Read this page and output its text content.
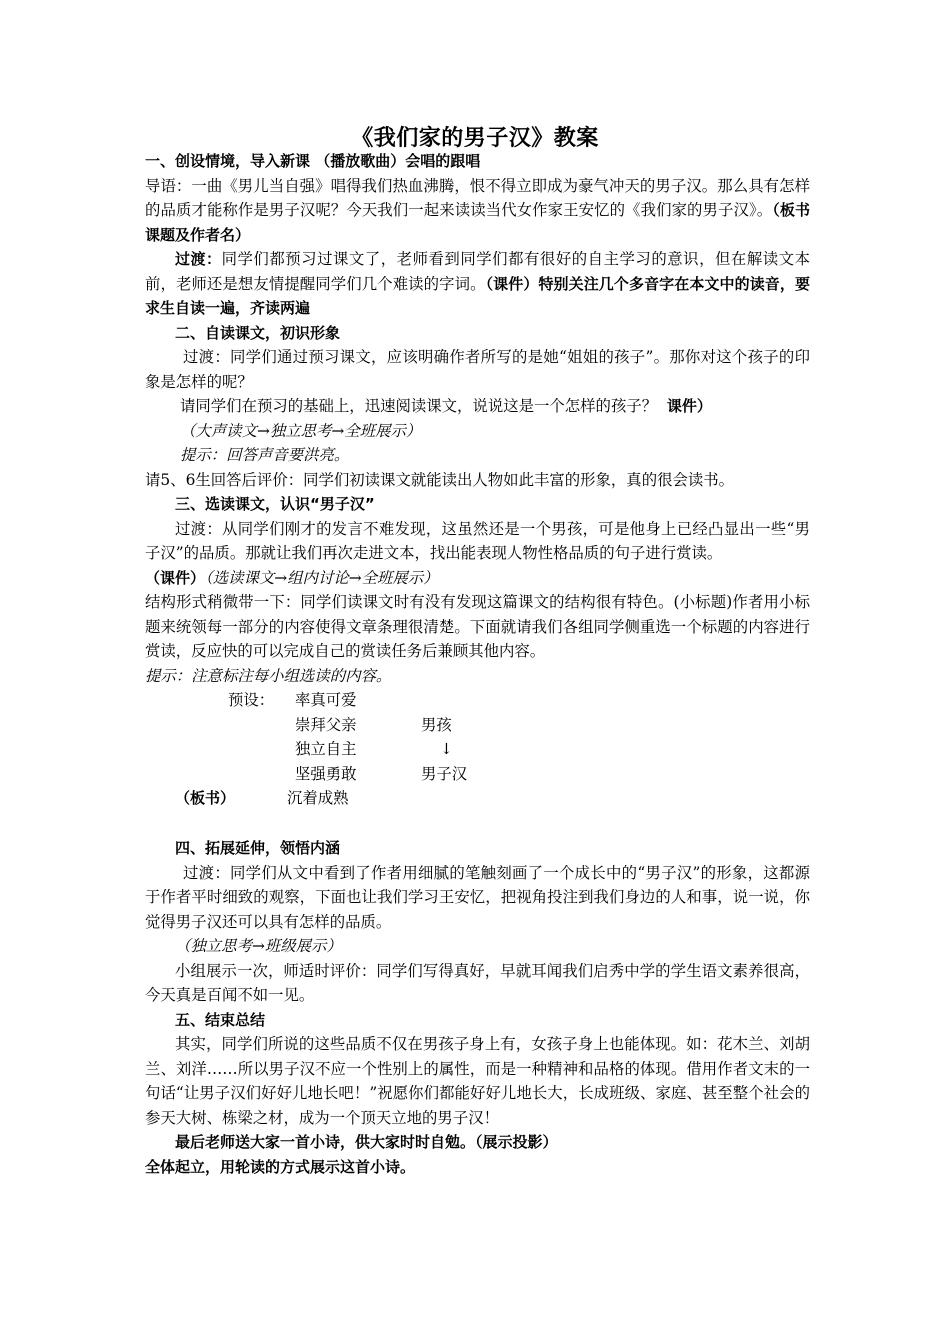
《我们家的男子汉》教案

一、创设情境，导入新课 （播放歌曲）会唱的跟唱

导语：一曲《男儿当自强》唱得我们热血沸腾，恨不得立即成为豪气冲天的男子汉。那么具有怎样的品质才能称作是男子汉呢？今天我们一起来读读当代女作家王安忆的《我们家的男子汉》。（板书课题及作者名）

过渡：同学们都预习过课文了，老师看到同学们都有很好的自主学习的意识，但在解读文本前，老师还是想友情提醒同学们几个难读的字词。（课件）特别关注几个多音字在本文中的读音，要求生自读一遍，齐读两遍

二、自读课文，初识形象

过渡：同学们通过预习课文，应该明确作者所写的是她“姐姐的孩子”。那你对这个孩子的印象是怎样的呢？

请同学们在预习的基础上，迅速阅读课文，说说这是一个怎样的孩子？ 课件）

（大声读文→独立思考→全班展示）

提示：回答声音要洪亮。

请5、6生回答后评价：同学们初读课文就能读出人物如此丰富的形象，真的很会读书。

三、选读课文，认识“男子汉”

过渡：从同学们刚才的发言不难发现，这虽然还是一个男孩，可是他身上已经凸显出一些“男子汉”的品质。那就让我们再次走进文本，找出能表现人物性格品质的句子进行赏读。

（课件）（选读课文→组内讨论→全班展示）

结构形式稍微带一下：同学们读课文时有没有发现这篇课文的结构很有特色。(小标题)作者用小标题来统领每一部分的内容使得文章条理很清楚。下面就请我们各组同学侧重选一个标题的内容进行赏读，反应快的可以完成自己的赏读任务后兼顾其他内容。

提示：注意标注每小组选读的内容。

预设： 率真可爱
崇拜父亲
独立自主
坚强勇敢
（板书）	沉着成熟
男孩
↓
男子汉

四、拓展延伸，领悟内涵

过渡：同学们从文中看到了作者用细腻的笔触刻画了一个成长中的“男子汉”的形象，这都源于作者平时细致的观察，下面也让我们学习王安忆，把视角投注到我们身边的人和事，说一说，你觉得男子汉还可以具有怎样的品质。

（独立思考→班级展示）

小组展示一次，师适时评价：同学们写得真好，早就耳闻我们启秀中学的学生语文素养很高，今天真是百闻不如一见。

五、结束总结

其实，同学们所说的这些品质不仅在男孩子身上有，女孩子身上也能体现。如：花木兰、刘胡兰、刘洋……所以男子汉不应一个性别上的属性，而是一种精神和品格的体现。借用作者文末的一句话“让男子汉们好好儿地长吧！”祝愿你们都能好好儿地长大，长成班级、家庭、甚至整个社会的参天大树、栋梁之材，成为一个顶天立地的男子汉！

最后老师送大家一首小诗，供大家时时自勉。（展示投影）

全体起立，用轮读的方式展示这首小诗。
